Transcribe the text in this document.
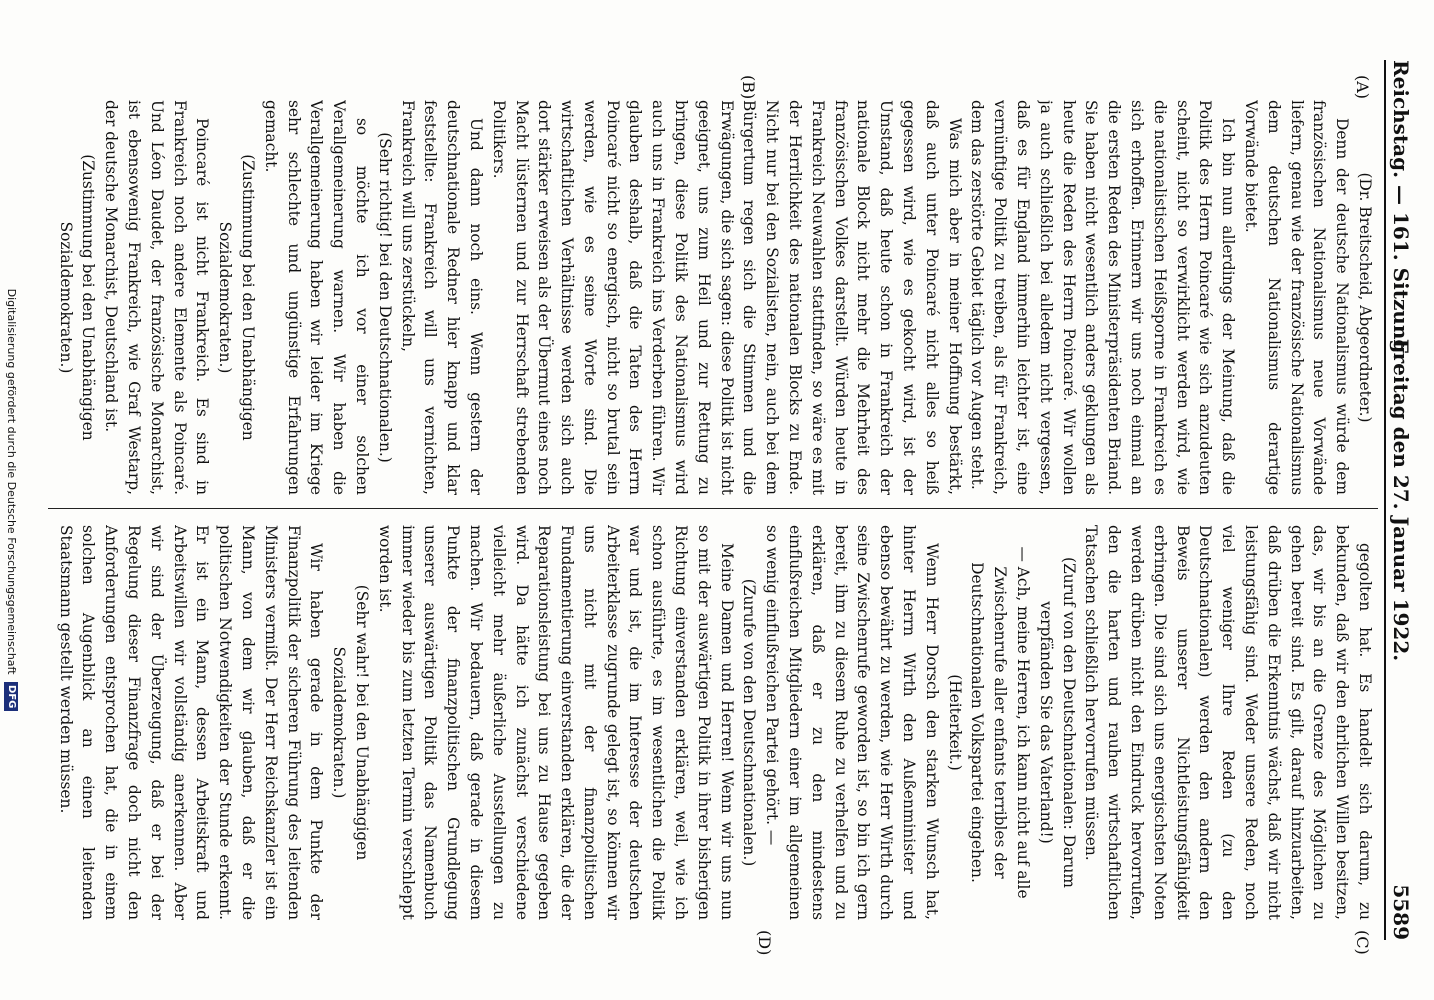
Reichstag. — 161. Sitzung.
Freitag den 27. Januar 1922.
5589
(A)
(B)
(C)
(D)

(Dr. Breitscheid, Abgeordneter.)

Denn der deutsche Nationalismus würde dem französischen Nationalismus neue Vorwände liefern, genau wie der französische Nationalismus dem deutschen Nationalismus derartige Vorwände bietet.

Ich bin nun allerdings der Meinung, daß die Politik des Herrn Poincaré wie sich anzudeuten scheint, nicht so verwirklicht werden wird, wie die nationalistischen Heißsporne in Frankreich es sich erhoffen. Erinnern wir uns noch einmal an die ersten Reden des Ministerpräsidenten Briand. Sie haben nicht wesentlich anders geklungen als heute die Reden des Herrn Poincaré. Wir wollen ja auch schließlich bei alledem nicht vergessen, daß es für England immerhin leichter ist, eine vernünftige Politik zu treiben, als für Frankreich, dem das zerstörte Gebiet täglich vor Augen steht.

Was mich aber in meiner Hoffnung bestärkt, daß auch unter Poincaré nicht alles so heiß gegessen wird, wie es gekocht wird, ist der Umstand, daß heute schon in Frankreich der nationale Block nicht mehr die Mehrheit des französischen Volkes darstellt. Würden heute in Frankreich Neuwahlen stattfinden, so wäre es mit der Herrlichkeit des nationalen Blocks zu Ende. Nicht nur bei den Sozialisten, nein, auch bei dem Bürgertum regen sich die Stimmen und die Erwägungen, die sich sagen: diese Politik ist nicht geeignet, uns zum Heil und zur Rettung zu bringen, diese Politik des Nationalismus wird auch uns in Frankreich ins Verderben führen. Wir glauben deshalb, daß die Taten des Herrn Poincaré nicht so energisch, nicht so brutal sein werden, wie es seine Worte sind. Die wirtschaftlichen Verhältnisse werden sich auch dort stärker erweisen als der Übermut eines noch Macht lüsternen und zur Herrschaft strebenden Politikers.

Und dann noch eins. Wenn gestern der deutschnationale Redner hier knapp und klar feststellte: Frankreich will uns vernichten, Frankreich will uns zerstückeln,

(Sehr richtig! bei den Deutschnationalen.)

so möchte ich vor einer solchen Verallgemeinerung warnen. Wir haben die Verallgemeinerung haben wir leider im Kriege sehr schlechte und ungünstige Erfahrungen gemacht.

(Zustimmung bei den Unabhängigen Sozialdemokraten.)

Poincaré ist nicht Frankreich. Es sind in Frankreich noch andere Elemente als Poincaré. Und Léon Daudet, der französische Monarchist, ist ebensowenig Frankreich, wie Graf Westarp, der deutsche Monarchist, Deutschland ist.

(Zustimmung bei den Unabhängigen Sozialdemokraten.)

gegolten hat. Es handelt sich darum, zu bekunden, daß wir den ehrlichen Willen besitzen, das, wir bis an die Grenze des Möglichen zu gehen bereit sind. Es gilt, darauf hinzuarbeiten, daß drüben die Erkenntnis wächst, daß wir nicht leistungsfähig sind. Weder unsere Reden, noch viel weniger Ihre Reden (zu den Deutschnationalen) werden den andern den Beweis unserer Nichtleistungsfähigkeit erbringen. Die sind sich uns energischsten Noten werden drüben nicht den Eindruck hervorrufen, den die harten und rauhen wirtschaftlichen Tatsachen schließlich hervorrufen müssen.

(Zuruf von den Deutschnationalen: Darum verpfänden Sie das Vaterland!)

— Ach, meine Herren, ich kann nicht auf alle Zwischenrufe aller enfants terribles der Deutschnationalen Volkspartei eingehen.

(Heiterkeit.)

Wenn Herr Dorsch den starken Wunsch hat, hinter Herrn Wirth den Außenminister und ebenso bewährt zu werden, wie Herr Wirth durch seine Zwischenrufe geworden ist, so bin ich gern bereit, ihm zu diesem Ruhe zu verhelfen und zu erklären, daß er zu den mindestens einflußreichen Mitgliedern einer im allgemeinen so wenig einflußreichen Partei gehört. —

(Zurufe von den Deutschnationalen.)

Meine Damen und Herren! Wenn wir uns nun so mit der auswärtigen Politik in ihrer bisherigen Richtung einverstanden erklären, weil, wie ich schon ausführte, es im wesentlichen die Politik war und ist, die im Interesse der deutschen Arbeiterklasse zugrunde gelegt ist, so können wir uns nicht mit der finanzpolitischen Fundamentierung einverstanden erklären, die der Reparationsleistung bei uns zu Hause gegeben wird. Da hätte ich zunächst verschiedene vielleicht mehr äußerliche Ausstellungen zu machen. Wir bedauern, daß gerade in diesem Punkte der finanzpolitischen Grundlegung unserer auswärtigen Politik das Namenbuch immer wieder bis zum letzten Termin verschleppt worden ist.

(Sehr wahr! bei den Unabhängigen Sozialdemokraten.)

Wir haben gerade in dem Punkte der Finanzpolitik der sicheren Führung des leitenden Ministers vermißt. Der Herr Reichskanzler ist ein Mann, von dem wir glauben, daß er die politischen Notwendigkeiten der Stunde erkennt. Er ist ein Mann, dessen Arbeitskraft und Arbeitswillen wir vollständig anerkennen. Aber wir sind der Überzeugung, daß er bei der Regelung dieser Finanzfrage doch nicht den Anforderungen entsprochen hat, die in einem solchen Augenblick an einen leitenden Staatsmann gestellt werden müssen.

Digitalisierung gefördert durch die Deutsche Forschungsgemeinschaft DFG
